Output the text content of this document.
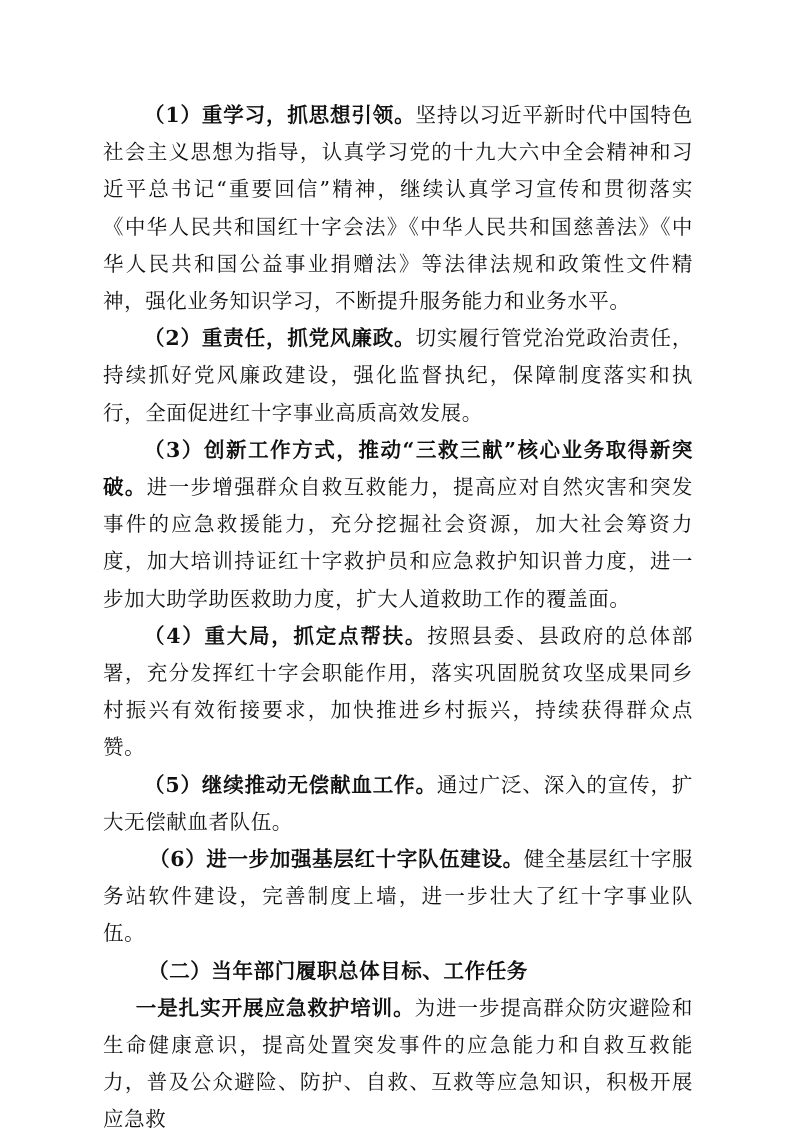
（1）重学习，抓思想引领。坚持以习近平新时代中国特色社会主义思想为指导，认真学习党的十九大六中全会精神和习近平总书记“重要回信”精神，继续认真学习宣传和贯彻落实《中华人民共和国红十字会法》《中华人民共和国慈善法》《中华人民共和国公益事业捐赠法》等法律法规和政策性文件精神，强化业务知识学习，不断提升服务能力和业务水平。

（2）重责任，抓党风廉政。切实履行管党治党政治责任，持续抓好党风廉政建设，强化监督执纪，保障制度落实和执行，全面促进红十字事业高质高效发展。

（3）创新工作方式，推动“三救三献”核心业务取得新突破。进一步增强群众自救互救能力，提高应对自然灾害和突发事件的应急救援能力，充分挖掘社会资源，加大社会筹资力度，加大培训持证红十字救护员和应急救护知识普力度，进一步加大助学助医救助力度，扩大人道救助工作的覆盖面。

（4）重大局，抓定点帮扶。按照县委、县政府的总体部署，充分发挥红十字会职能作用，落实巩固脱贫攻坚成果同乡村振兴有效衔接要求，加快推进乡村振兴，持续获得群众点赞。

（5）继续推动无偿献血工作。通过广泛、深入的宣传，扩大无偿献血者队伍。

（6）进一步加强基层红十字队伍建设。健全基层红十字服务站软件建设，完善制度上墙，进一步壮大了红十字事业队伍。

（二）当年部门履职总体目标、工作任务

一是扎实开展应急救护培训。为进一步提高群众防灾避险和生命健康意识，提高处置突发事件的应急能力和自救互救能力，普及公众避险、防护、自救、互救等应急知识，积极开展应急救
